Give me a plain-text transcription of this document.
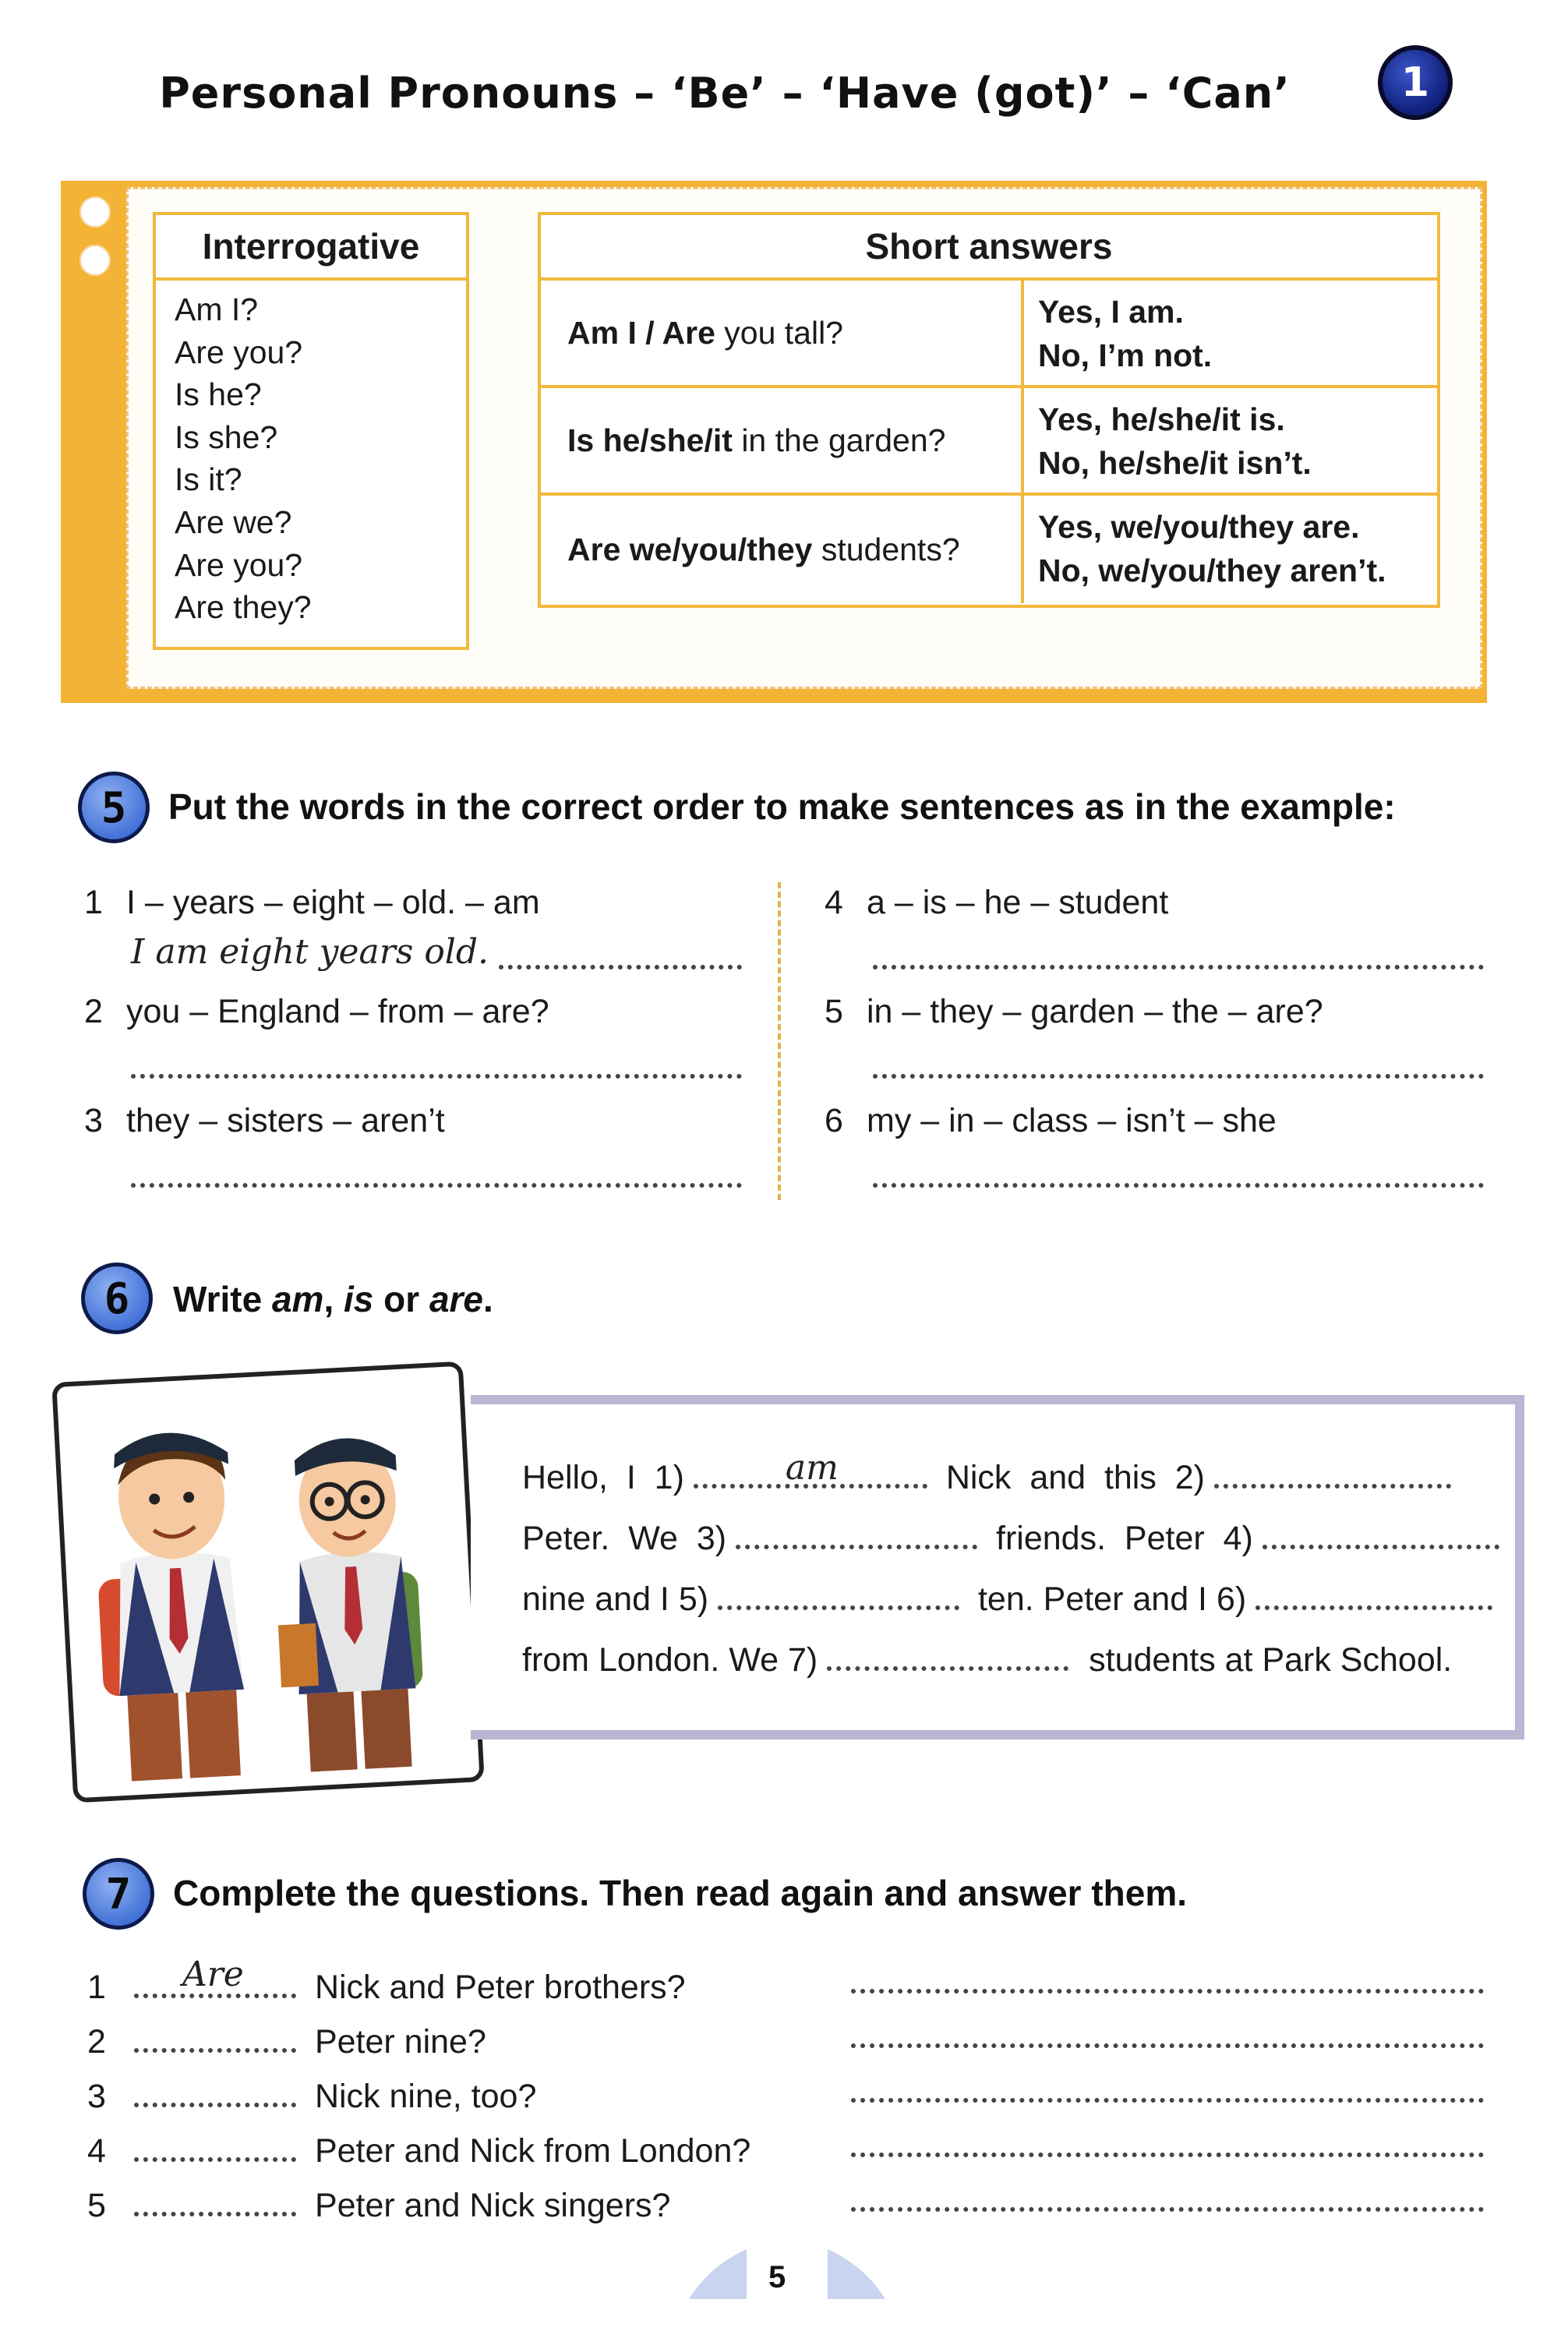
Personal Pronouns – ‘Be’ – ‘Have (got)’ – ‘Can’	1
Interrogative
Am I?
Are you?
Is he?
Is she?
Is it?
Are we?
Are you?
Are they?
Short answers
Am I / Are you tall?
Yes, I am.
No, I’m not.
Is he/she/it in the garden?
Yes, he/she/it is.
No, he/she/it isn’t.
Are we/you/they students?
Yes, we/you/they are.
No, we/you/they aren’t.
5	Put the words in the correct order to make sentences as in the example:
1 I – years – eight – old. – am
I am eight years old.
2 you – England – from – are?
3 they – sisters – aren’t
4 a – is – he – student
5 in – they – garden – the – are?
6 my – in – class – isn’t – she
6	Write am, is or are.
Hello,  I  1)	am	Nick  and  this  2)
Peter.  We  3)	friends.  Peter  4)
nine and I 5)	ten. Peter and I 6)
from London. We 7)	students at Park School.
7	Complete the questions. Then read again and answer them.
1 Are Nick and Peter brothers?
2	Peter nine?
3	Nick nine, too?
4	Peter and Nick from London?
5	Peter and Nick singers?
5
